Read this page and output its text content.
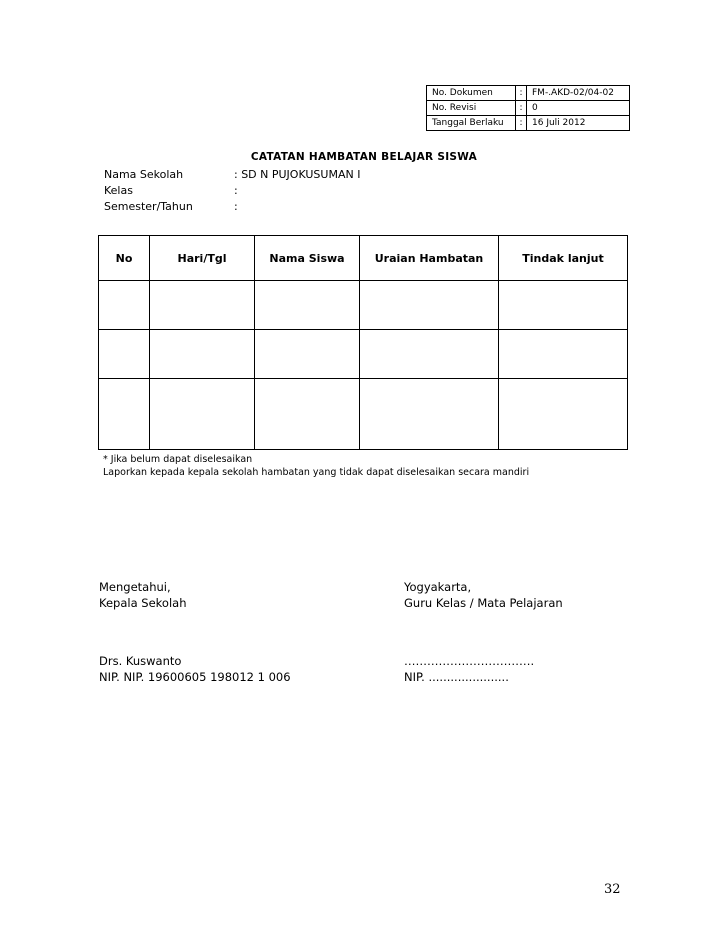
No. Dokumen	:	FM-.AKD-02/04-02
No. Revisi	:	0
Tanggal Berlaku	:	16 Juli 2012
CATATAN HAMBATAN BELAJAR SISWA
Nama Sekolah	: SD N PUJOKUSUMAN I
Kelas	:
Semester/Tahun	:
No	Hari/Tgl	Nama Siswa	Uraian Hambatan	Tindak lanjut

* Jika belum dapat diselesaikan
Laporkan kepada kepala sekolah hambatan yang tidak dapat diselesaikan secara mandiri
Mengetahui,
Kepala Sekolah
Drs. Kuswanto
NIP. NIP. 19600605 198012 1 006
Yogyakarta,
Guru Kelas / Mata Pelajaran
…………………………….
NIP. ......................
32
